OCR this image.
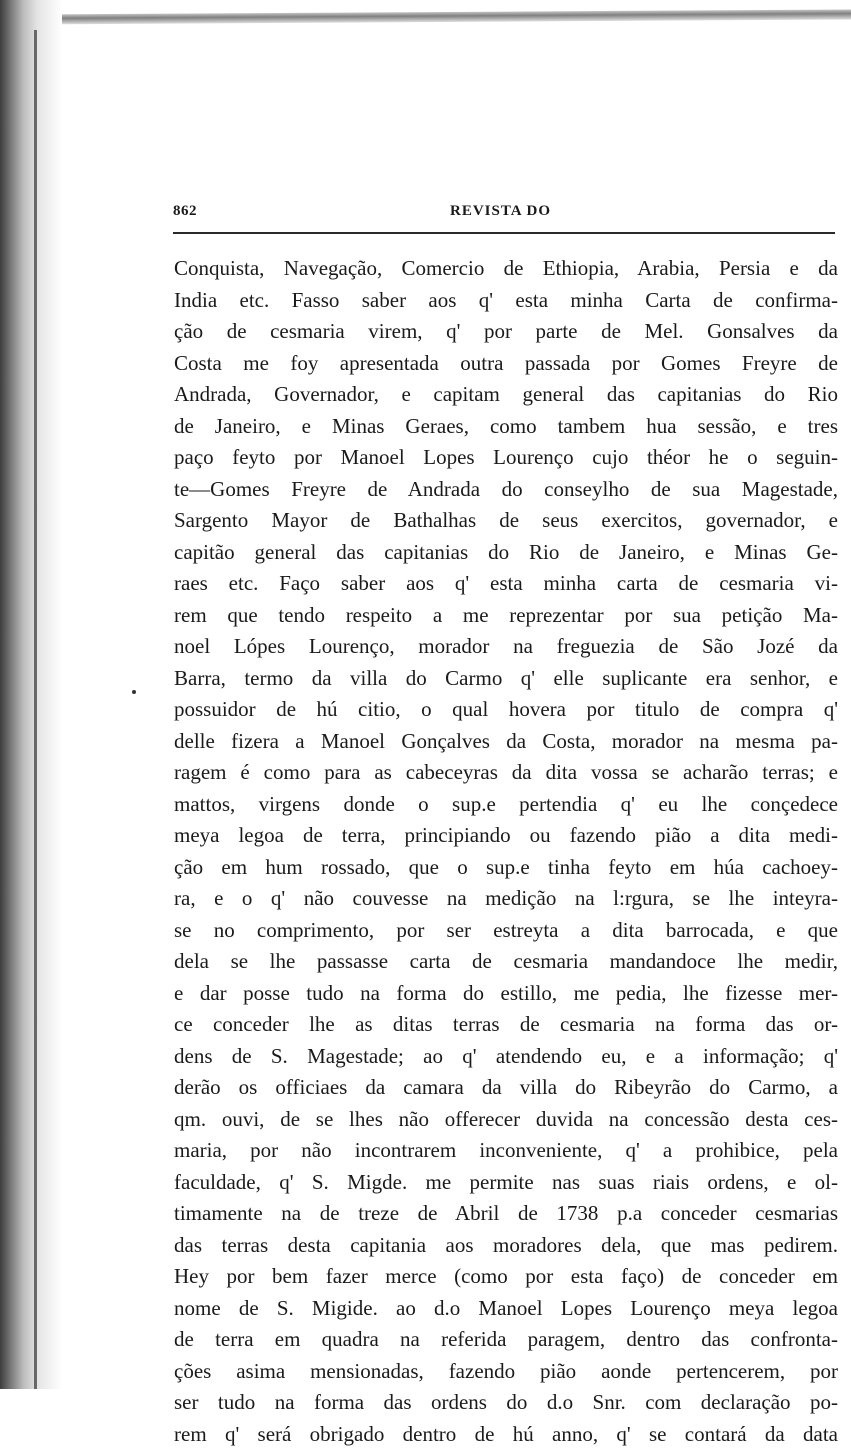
862	REVISTA DO
Conquista, Navegação, Comercio de Ethiopia, Arabia, Persia e da
India etc. Fasso saber aos q' esta minha Carta de confirma-
ção de cesmaria virem, q' por parte de Mel. Gonsalves da
Costa me foy apresentada outra passada por Gomes Freyre de
Andrada, Governador, e capitam general das capitanias do Rio
de Janeiro, e Minas Geraes, como tambem hua sessão, e tres
paço feyto por Manoel Lopes Lourenço cujo théor he o seguin-
te—Gomes Freyre de Andrada do conseylho de sua Magestade,
Sargento Mayor de Bathalhas de seus exercitos, governador, e
capitão general das capitanias do Rio de Janeiro, e Minas Ge-
raes etc. Faço saber aos q' esta minha carta de cesmaria vi-
rem que tendo respeito a me reprezentar por sua petição Ma-
noel Lópes Lourenço, morador na freguezia de São Jozé da
Barra, termo da villa do Carmo q' elle suplicante era senhor, e
possuidor de hú citio, o qual hovera por titulo de compra q'
delle fizera a Manoel Gonçalves da Costa, morador na mesma pa-
ragem é como para as cabeceyras da dita vossa se acharão terras; e
mattos, virgens donde o sup.e pertendia q' eu lhe conçedece
meya legoa de terra, principiando ou fazendo pião a dita medi-
ção em hum rossado, que o sup.e tinha feyto em húa cachoey-
ra, e o q' não couvesse na medição na l:rgura, se lhe inteyra-
se no comprimento, por ser estreyta a dita barrocada, e que
dela se lhe passasse carta de cesmaria mandandoce lhe medir,
e dar posse tudo na forma do estillo, me pedia, lhe fizesse mer-
ce conceder lhe as ditas terras de cesmaria na forma das or-
dens de S. Magestade; ao q' atendendo eu, e a informação; q'
derão os officiaes da camara da villa do Ribeyrão do Carmo, a
qm. ouvi, de se lhes não offerecer duvida na concessão desta ces-
maria, por não incontrarem inconveniente, q' a prohibice, pela
faculdade, q' S. Migde. me permite nas suas riais ordens, e ol-
timamente na de treze de Abril de 1738 p.a conceder cesmarias
das terras desta capitania aos moradores dela, que mas pedirem.
Hey por bem fazer merce (como por esta faço) de conceder em
nome de S. Migide. ao d.o Manoel Lopes Lourenço meya legoa
de terra em quadra na referida paragem, dentro das confronta-
ções asima mensionadas, fazendo pião aonde pertencerem, por
ser tudo na forma das ordens do d.o Snr. com declaração po-
rem q' será obrigado dentro de hú anno, q' se contará da data
